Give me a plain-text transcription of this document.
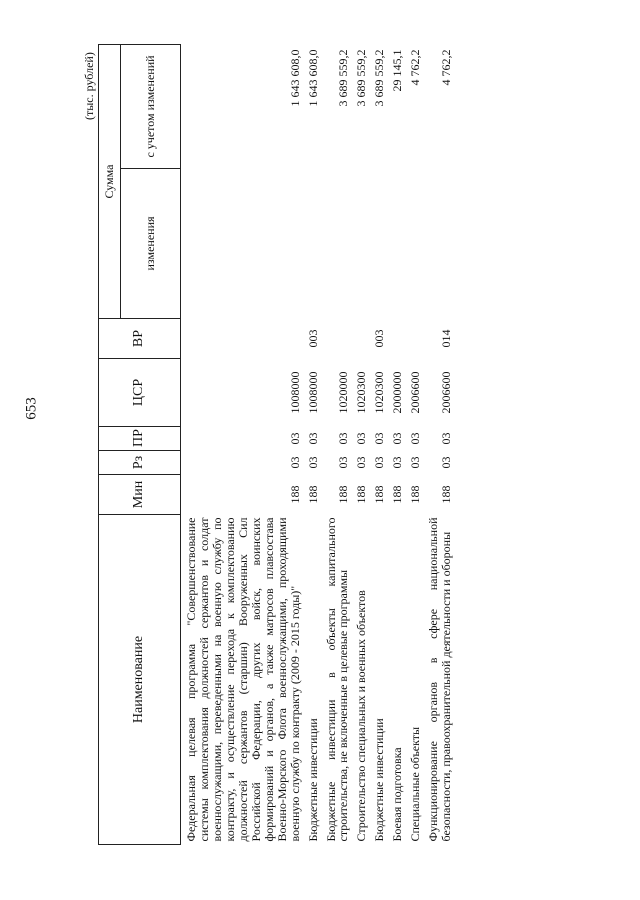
653
(тыс. рублей)
Наименование	Мин	Рз	ПР	ЦСР	ВР	Сумма	
						изменения	с учетом изменений
Федеральная целевая программа "Совершенствование системы комплектования должностей сержантов и солдат военнослужащими, переведенными на военную службу по контракту, и осуществление перехода к комплектованию должностей сержантов (старшин) Вооруженных Сил Российской Федерации, других войск, воинских формирований и органов, а также матросов плавсостава Военно-Морского Флота военнослужащими, проходящими военную службу по контракту (2009 - 2015 годы)"	188	03	03	1008000			1 643 608,0
Бюджетные инвестиции	188	03	03	1008000	003		1 643 608,0
Бюджетные инвестиции в объекты капитального строительства, не включенные в целевые программы	188	03	03	1020000			3 689 559,2
Строительство специальных и военных объектов	188	03	03	1020300			3 689 559,2
Бюджетные инвестиции	188	03	03	1020300	003		3 689 559,2
Боевая подготовка	188	03	03	2000000			29 145,1
Специальные объекты	188	03	03	2006600			4 762,2
Функционирование органов в сфере национальной безопасности, правоохранительной деятельности и обороны	188	03	03	2006600	014		4 762,2
